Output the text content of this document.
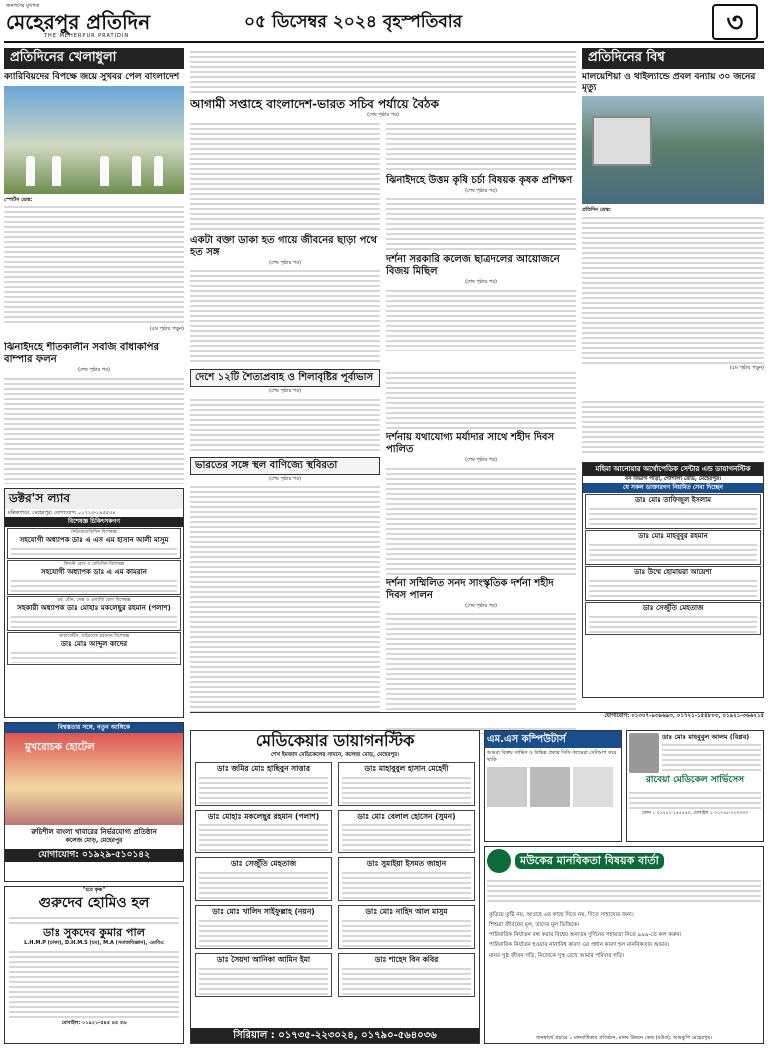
জনগণের মুখপত্র
মেহেরপুর প্রতিদিন
THE MEHERPUR PRATIDIN
০৫ ডিসেম্বর ২০২৪ বৃহস্পতিবার	৩
প্রতিদিনের খেলাধুলা
ক্যারিবিয়দের বিপক্ষে জয়ে সুখবর পেল বাংলাদেশ
স্পোর্টস ডেস্ক:
(৫ম পৃষ্ঠায় পড়ুন)
ঝিনাইদহে শীতকালীন সবজি বাঁধাকপির বাম্পার ফলন
(শেষ পৃষ্ঠার পর)
ডক্টর'স ল্যাব
মল্লিকপাড়া, মেহেরপুর। যোগাযোগ: ০১৭১৩-১৯৫৫৩৪
বিশেষজ্ঞ চিকিৎসকগণ
নিউরোমেডিসিন বিশেষজ্ঞ
সহযোগী অধ্যাপক ডাঃ এ এস এম হাসান আলী মাসুম
কিডনী রোগ ও মেডিসিন বিশেষজ্ঞ
সহযোগী অধ্যাপক ডাঃ এ এম কামরান
চর্ম, যৌন, সেক্স ও এলার্জি রোগ বিশেষজ্ঞ
সহকারী অধ্যাপক ডাঃ মোহাঃ মকলেছুর রহমান (পলাশ)
ডায়াবেটিস, থাইরয়েড হরমোন বিশেষজ্ঞ
ডাঃ মোঃ আব্দুল কাদের
বিশ্বস্ততার সঙ্গে, নতুন আঙ্গিকে
মুখরোচক হোটেল
রুচিশীল বাংলা খাবারের নির্ভরযোগ্য প্রতিষ্ঠান
কলেজ মোড়, মেহেরপুর
যোগাযোগ: ০১৯২৯-৫১০১৪২
"হরে কৃষ্ণ"
গুরুদেব হোমিও হল
ডাঃ সুকদেব কুমার পাল
L.H.M.P (ঢাকা), D.H.M.S (চম), M.A (সমাজবিজ্ঞান), এমবিএ
মোবাইল: ০১৯২১-৫৪৫ ৪৫ ৫৬
আগামী সপ্তাহে বাংলাদেশ-ভারত সচিব পর্যায়ে বৈঠক
(শেষ পৃষ্ঠার পর)
একটা বক্তা ডাকা হত গায়ে জীবনের ছাড়া পথে হত সঙ্গ
(শেষ পৃষ্ঠার পর)
ঝিনাইদহে উত্তম কৃষি চর্চা বিষয়ক কৃষক প্রশিক্ষণ
(শেষ পৃষ্ঠার পর)
দর্শনা সরকারি কলেজ ছাত্রদলের আয়োজনে বিজয় মিছিল
(শেষ পৃষ্ঠার পর)
দেশে ১২টি শৈত্যপ্রবাহ ও শিলাবৃষ্টির পূর্বাভাস
(শেষ পৃষ্ঠার পর)
ভারতের সঙ্গে স্থল বাণিজ্যে স্থবিরতা
(শেষ পৃষ্ঠার পর)
দর্শনায় যথাযোগ্য মর্যাদার সাথে শহীদ দিবস পালিত
(শেষ পৃষ্ঠার পর)
দর্শনা সম্মিলিত সনদ সাংস্কৃতিক দর্শনা শহীদ দিবস পালন
(শেষ পৃষ্ঠার পর)
প্রতিদিনের বিশ্ব
মালয়েশিয়া ও থাইল্যান্ডে প্রবল বন্যায় ৩০ জনের মৃত্যু
প্রতিদিন ডেস্ক:
(৫ম পৃষ্ঠায় পড়ুন)
মহিমা আনোয়ার অর্থোপেডিক সেন্টার এন্ড ডায়াগনস্টিক
বন বিভাগ পাড়া, গোশালা রোড, মেহেরপুর।
যে সকল ডাক্তারগণ নিয়মিত সেবা দিচ্ছেন
ডাঃ মোঃ তাফিজুল ইসলাম
ডাঃ মোঃ মাহবুবুর রহমান
ডাঃ উম্মে হোমায়রা আয়েশা
ডাঃ সেজুঁতি মেহতাজ
যোগাযোগ: ০১৩০৭-৯৩৯৬৯৩, ০১৭২১-১৫৪৮০৩, ০১৯২১-৩৬৬২১৫
মেডিকেয়ার ডায়াগনস্টিক
শেখ ইমজাদ মেডিকেলের সামনে, কলেজ মোড়, মেহেরপুর।
ডাঃ জমির মোঃ হাছিবুন সাত্তার	ডাঃ মাহাবুবুল হাসান মেহেদী
ডাঃ মোহাঃ মকলেছুর রহমান (পলাশ)	ডাঃ মোঃ বেলাল হোসেন (সুমন)
ডাঃ সেজুঁতি মেহতাজ	ডাঃ সুমাইয়া ইসমত জাহান
ডাঃ মোঃ খালিদ সাইফুল্লাহ (নয়ন)	ডাঃ মোঃ নাহিদ আল মাসুম
ডাঃ সৈয়দা আনিকা আমিন ইমা	ডাঃ শাহেদ বিন কবির
সিরিয়াল : ০১৭৩৫-২২৩০২৪, ০১৭৯০-৫৬৪০৩৬
এম.এস কম্পিউটার্স
আমরা বিক্রয় সার্ভিস ও বিভিন্ন প্রকার সিসি ক্যামেরা সেটআপ করে থাকি
ডাঃ মোঃ মাহবুবুল আলম (বিপ্লব)
রাবেয়া মেডিকেল সার্ভিসেস
ফোন ১ ০১৭২১-১৪৫৫৫০, মোবাইল ১ ০১৭৪৫-৭২৩৩৩৩
মউকের মানবিকতা বিষয়ক বার্তা
কুড়িয়ে তুষ্টি নয়, আগ্রহে এর কাছে দিতে নয়, দিতে সাহায্যের জন্য।
শিশুরা জীবনের মূল, তাদের মূল ভিত্তিকে।
পারিবারিক নির্যাতন বন্ধ করার বিশ্বের অন্যতম দুর্দিনের সহায়তা নিতে ৯৯৯-তে কল করুন।
পারিবারিক নির্যাতন হওয়ার নানাবিধ কারণ এর প্রধান কারণ হল মানবিকতার অভাব।
মানব সুষ্ঠ জীবন গড়ি, নিজেকে সুস্থ রেখে আমার পরিবার গড়ি।
জনস্বার্থে প্রচারে ১ মানবাধিকার প্রতিষ্ঠান, মানব উন্নয়ন কেন্দ্র (মউক), আমঝুপি মেহেরপুর।
